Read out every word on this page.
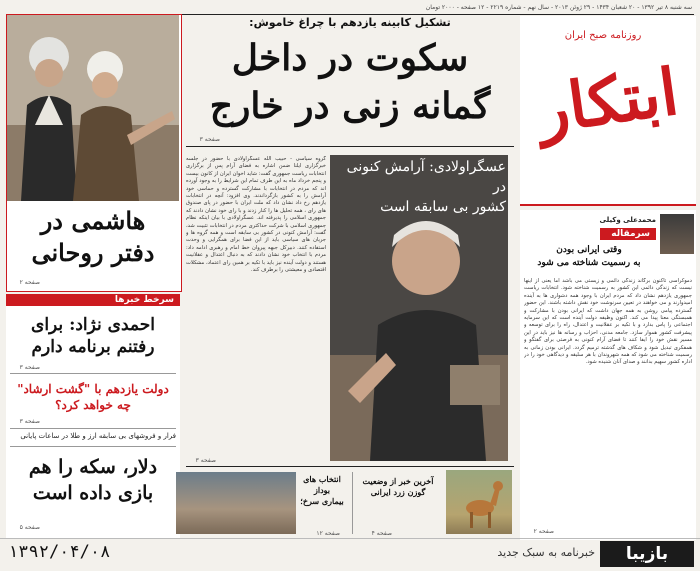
سه شنبه ۸ تیر ۱۳۹۲ - ۲۰ شعبان ۱۴۳۴ - ۲۹ ژوئن ۲۰۱۳ - سال نهم - شماره ۲۲۱۹ - ۱۲ صفحه - ۲۰۰۰ تومان
روزنامه صبح ایران
ابتکار
تشکیل کابینه یازدهم با چراغ خاموش:
سکوت در داخل
گمانه زنی در خارج
صفحه ۳
هاشمی در
دفتر روحانی
صفحه ۲
سرخط خبرها
احمدی نژاد: برای
رفتنم برنامه دارم
صفحه ۳
دولت یازدهم با "گشت ارشاد"
چه خواهد کرد؟
صفحه ۳
فرار و فروشهای بی سابقه ارز و طلا در ساعات پایانی
دلار، سکه را هم
بازی داده است
صفحه ۵
گروه سیاسی - حبیب الله عسگراولادی با حضور در جلسه خبرگزاری ایلنا ضمن اشاره به فضای آرام پس از برگزاری انتخابات ریاست جمهوری گفت: شاید اخوان ایران از کانون بیست و پنجم خرداد ماه به این طرف تمام این شرایط را به وجود آورده اند که مردم در انتخابات با مشارکت گسترده و حماسی خود آرامش را به کشور بازگرداندند. وی افزود: آنچه در انتخابات یازدهم رخ داد نشان داد که ملت ایران با حضور در پای صندوق های رای ، همه تحلیل ها را کنار زدند و با رای خود نشان دادند که جمهوری اسلامی را پذیرفته اند. عسگراولادی با بیان اینکه نظام جمهوری اسلامی با شرکت حداکثری مردم در انتخابات تثبیت شد، گفت: آرامش کنونی در کشور بی سابقه است و همه گروه ها و جریان های سیاسی باید از این فضا برای همگرایی و وحدت استفاده کنند. دبیرکل جبهه پیروان خط امام و رهبری ادامه داد: مردم با انتخاب خود نشان دادند که به دنبال اعتدال و عقلانیت هستند و دولت آینده نیز باید با تکیه بر همین رای اعتماد، مشکلات اقتصادی و معیشتی را برطرف کند.
عسگراولادی: آرامش کنونی در
کشور بی سابقه است
صفحه ۳
انتخاب های بوداز
بیماری سرخ؛
صفحه ۱۲
آخرین خبر از وضعیت
گوزن زرد ایرانی
صفحه ۴
محمدعلی وکیلی
سرمقاله
وقتی ایرانی بودن
به رسمیت شناخته می شود
دموکراسی تاکنون برگاند زندگی دائمی و زیستی می باشد اما یعنی از اینها نیست که زندگی دائمی این کشور به رسمیت شناخته شود. انتخابات ریاست جمهوری یازدهم نشان داد که مردم ایران با وجود همه دشواری ها به آینده امیدوارند و می خواهند در تعیین سرنوشت خود نقش داشته باشند. این حضور گسترده پیامی روشن به همه جهان داشت که ایرانی بودن با مشارکت و همبستگی معنا پیدا می کند. اکنون وظیفه دولت آینده است که این سرمایه اجتماعی را پاس بدارد و با تکیه بر عقلانیت و اعتدال، راه را برای توسعه و پیشرفت کشور هموار سازد. جامعه مدنی، احزاب و رسانه ها نیز باید در این مسیر نقش خود را ایفا کنند تا فضای آرام کنونی به فرصتی برای گفتگو و همفکری تبدیل شود و شکاف های گذشته ترمیم گردد. ایرانی بودن زمانی به رسمیت شناخته می شود که همه شهروندان با هر سلیقه و دیدگاهی خود را در اداره کشور سهیم بدانند و صدای آنان شنیده شود.
صفحه ۲
۱۳۹۲/۰۴/۰۸	خبرنامه به سبک جدید	بازیبا
